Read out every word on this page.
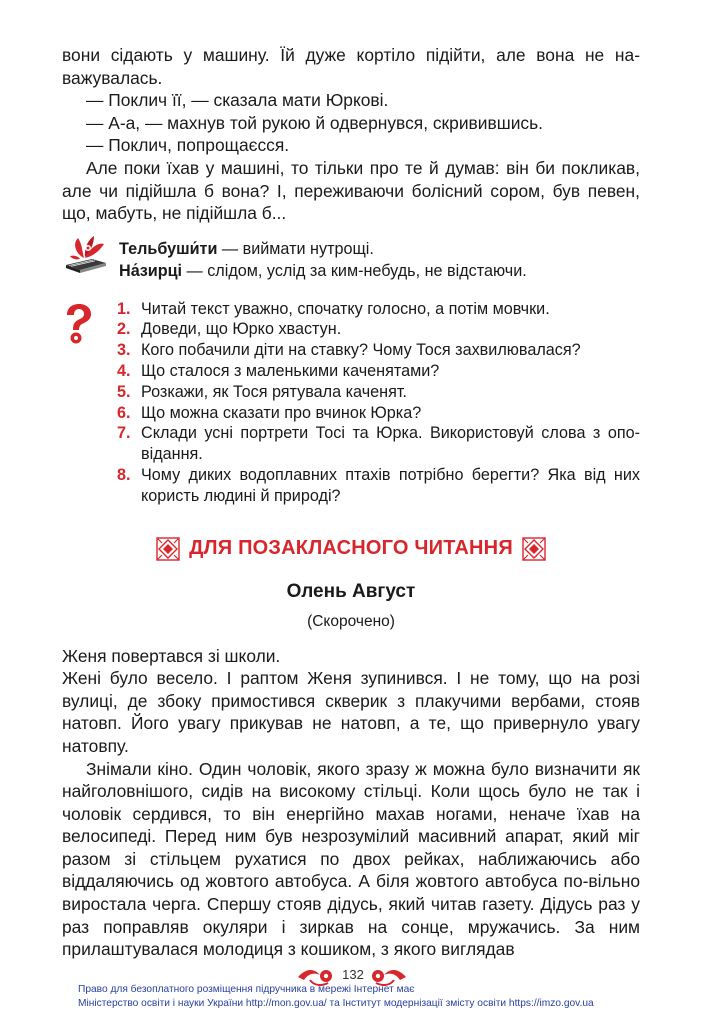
вони сідають у машину. Їй дуже кортіло підійти, але вона не на-важувалась.

— Поклич її, — сказала мати Юркові.

— А-а, — махнув той рукою й одвернувся, скривившись.

— Поклич, попрощаєсся.

Але поки їхав у машині, то тільки про те й думав: він би покликав, але чи підійшла б вона? І, переживаючи болісний сором, був певен, що, мабуть, не підійшла б...

Тельбуши́ти — виймати нутрощі.

На́зирці — слідом, услід за ким-небудь, не відстаючи.

1. Читай текст уважно, спочатку голосно, а потім мовчки.
2. Доведи, що Юрко хвастун.
3. Кого побачили діти на ставку? Чому Тося захвилювалася?
4. Що сталося з маленькими каченятами?
5. Розкажи, як Тося рятувала каченят.
6. Що можна сказати про вчинок Юрка?
7. Склади усні портрети Тосі та Юрка. Використовуй слова з опо-відання.
8. Чому диких водоплавних птахів потрібно берегти? Яка від них користь людині й природі?
ДЛЯ ПОЗАКЛАСНОГО ЧИТАННЯ
Олень Август
(Скорочено)

Женя повертався зі школи.

Жені було весело. І раптом Женя зупинився. І не тому, що на розі вулиці, де збоку примостився скверик з плакучими вербами, стояв натовп. Його увагу прикував не натовп, а те, що привернуло увагу натовпу.

Знімали кіно. Один чоловік, якого зразу ж можна було визначити як найголовнішого, сидів на високому стільці. Коли щось було не так і чоловік сердився, то він енергійно махав ногами, неначе їхав на велосипеді. Перед ним був незрозумілий масивний апарат, який міг разом зі стільцем рухатися по двох рейках, наближаючись або віддаляючись од жовтого автобуса. А біля жовтого автобуса по-вільно виростала черга. Спершу стояв дідусь, який читав газету. Дідусь раз у раз поправляв окуляри і зиркав на сонце, мружачись. За ним прилаштувалася молодиця з кошиком, з якого виглядав

132
Право для безоплатного розміщення підручника в мережі Інтернет має
Міністерство освіти і науки України http://mon.gov.ua/ та Інститут модернізації змісту освіти https://imzo.gov.ua
